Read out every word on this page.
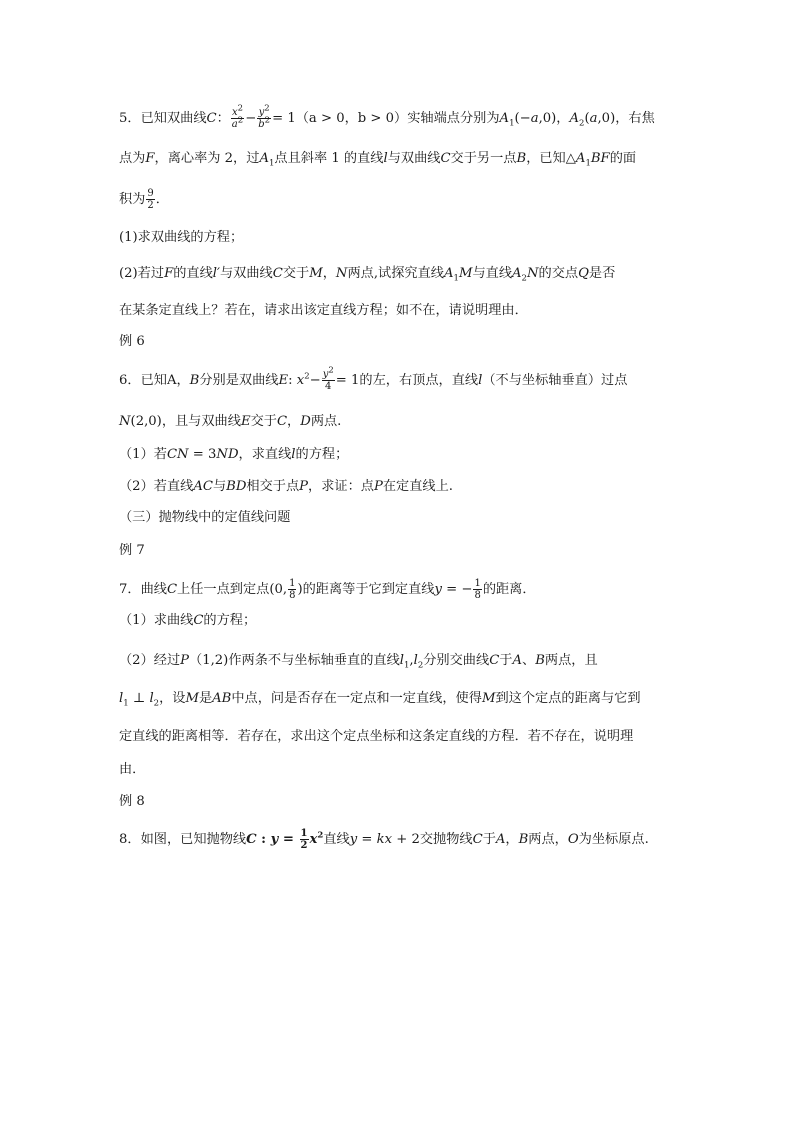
5．已知双曲线C： $\frac{x^2}{a^2} - \frac{y^2}{b^2} = 1(a > 0$，b > 0）实轴端点分别为$A_1(-a,0)$，$A_2(a,0)$，右焦
点为F，离心率为 2，过$A_1$点且斜率 1 的直线l与双曲线C交于另一点B，已知$\triangle A_1BF$的面
积为 $\frac{9}{2}$ ．
(1)求双曲线的方程；
(2)若过F的直线l′与双曲线C交于M，N两点,试探究直线$A_1M$与直线$A_2N$的交点Q是否
在某条定直线上？若在，请求出该定直线方程；如不在，请说明理由．
例 6
6．已知A，B分别是双曲线E: $x^2- \frac{y^2}{4} = 1$的左，右顶点，直线l（不与坐标轴垂直）过点
N(2,0)，且与双曲线E交于C，D两点.
（1）若CN = 3ND，求直线l的方程；
（2）若直线AC与BD相交于点P，求证：点P在定直线上.
（三）抛物线中的定值线问题
例 7
7．曲线C上任一点到定点(0, $\frac{1}{8}$ )的距离等于它到定直线y = − $\frac{1}{8}$ 的距离．
（1）求曲线C的方程；
（2）经过P（1,2)作两条不与坐标轴垂直的直线$l_1,l_2$分别交曲线C于A、B两点，且
$l_1$ ⊥ $l_2$，设M是AB中点，问是否存在一定点和一定直线，使得M到这个定点的距离与它到
定直线的距离相等．若存在，求出这个定点坐标和这条定直线的方程．若不存在，说明理
由．
例 8
8．如图，已知抛物线C : $y = \frac{1}{2} x^2$直线y = kx + 2交抛物线C于A，B两点，O为坐标原点.
